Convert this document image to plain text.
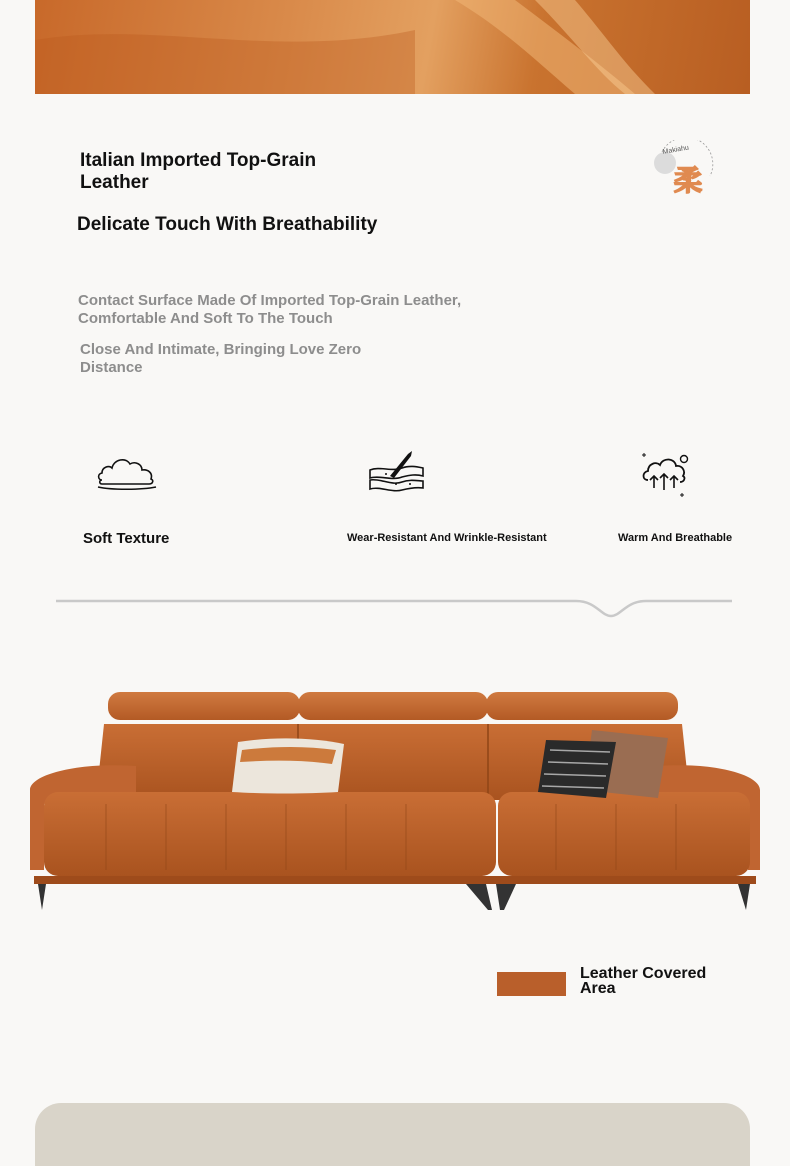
Italian Imported Top-Grain Leather
Delicate Touch With Breathability
Contact Surface Made Of Imported Top-Grain Leather, Comfortable And Soft To The Touch
Close And Intimate, Bringing Love Zero Distance
Makiahu
柔
Soft Texture	Wear-Resistant And Wrinkle-Resistant	Warm And Breathable
Leather Covered Area
